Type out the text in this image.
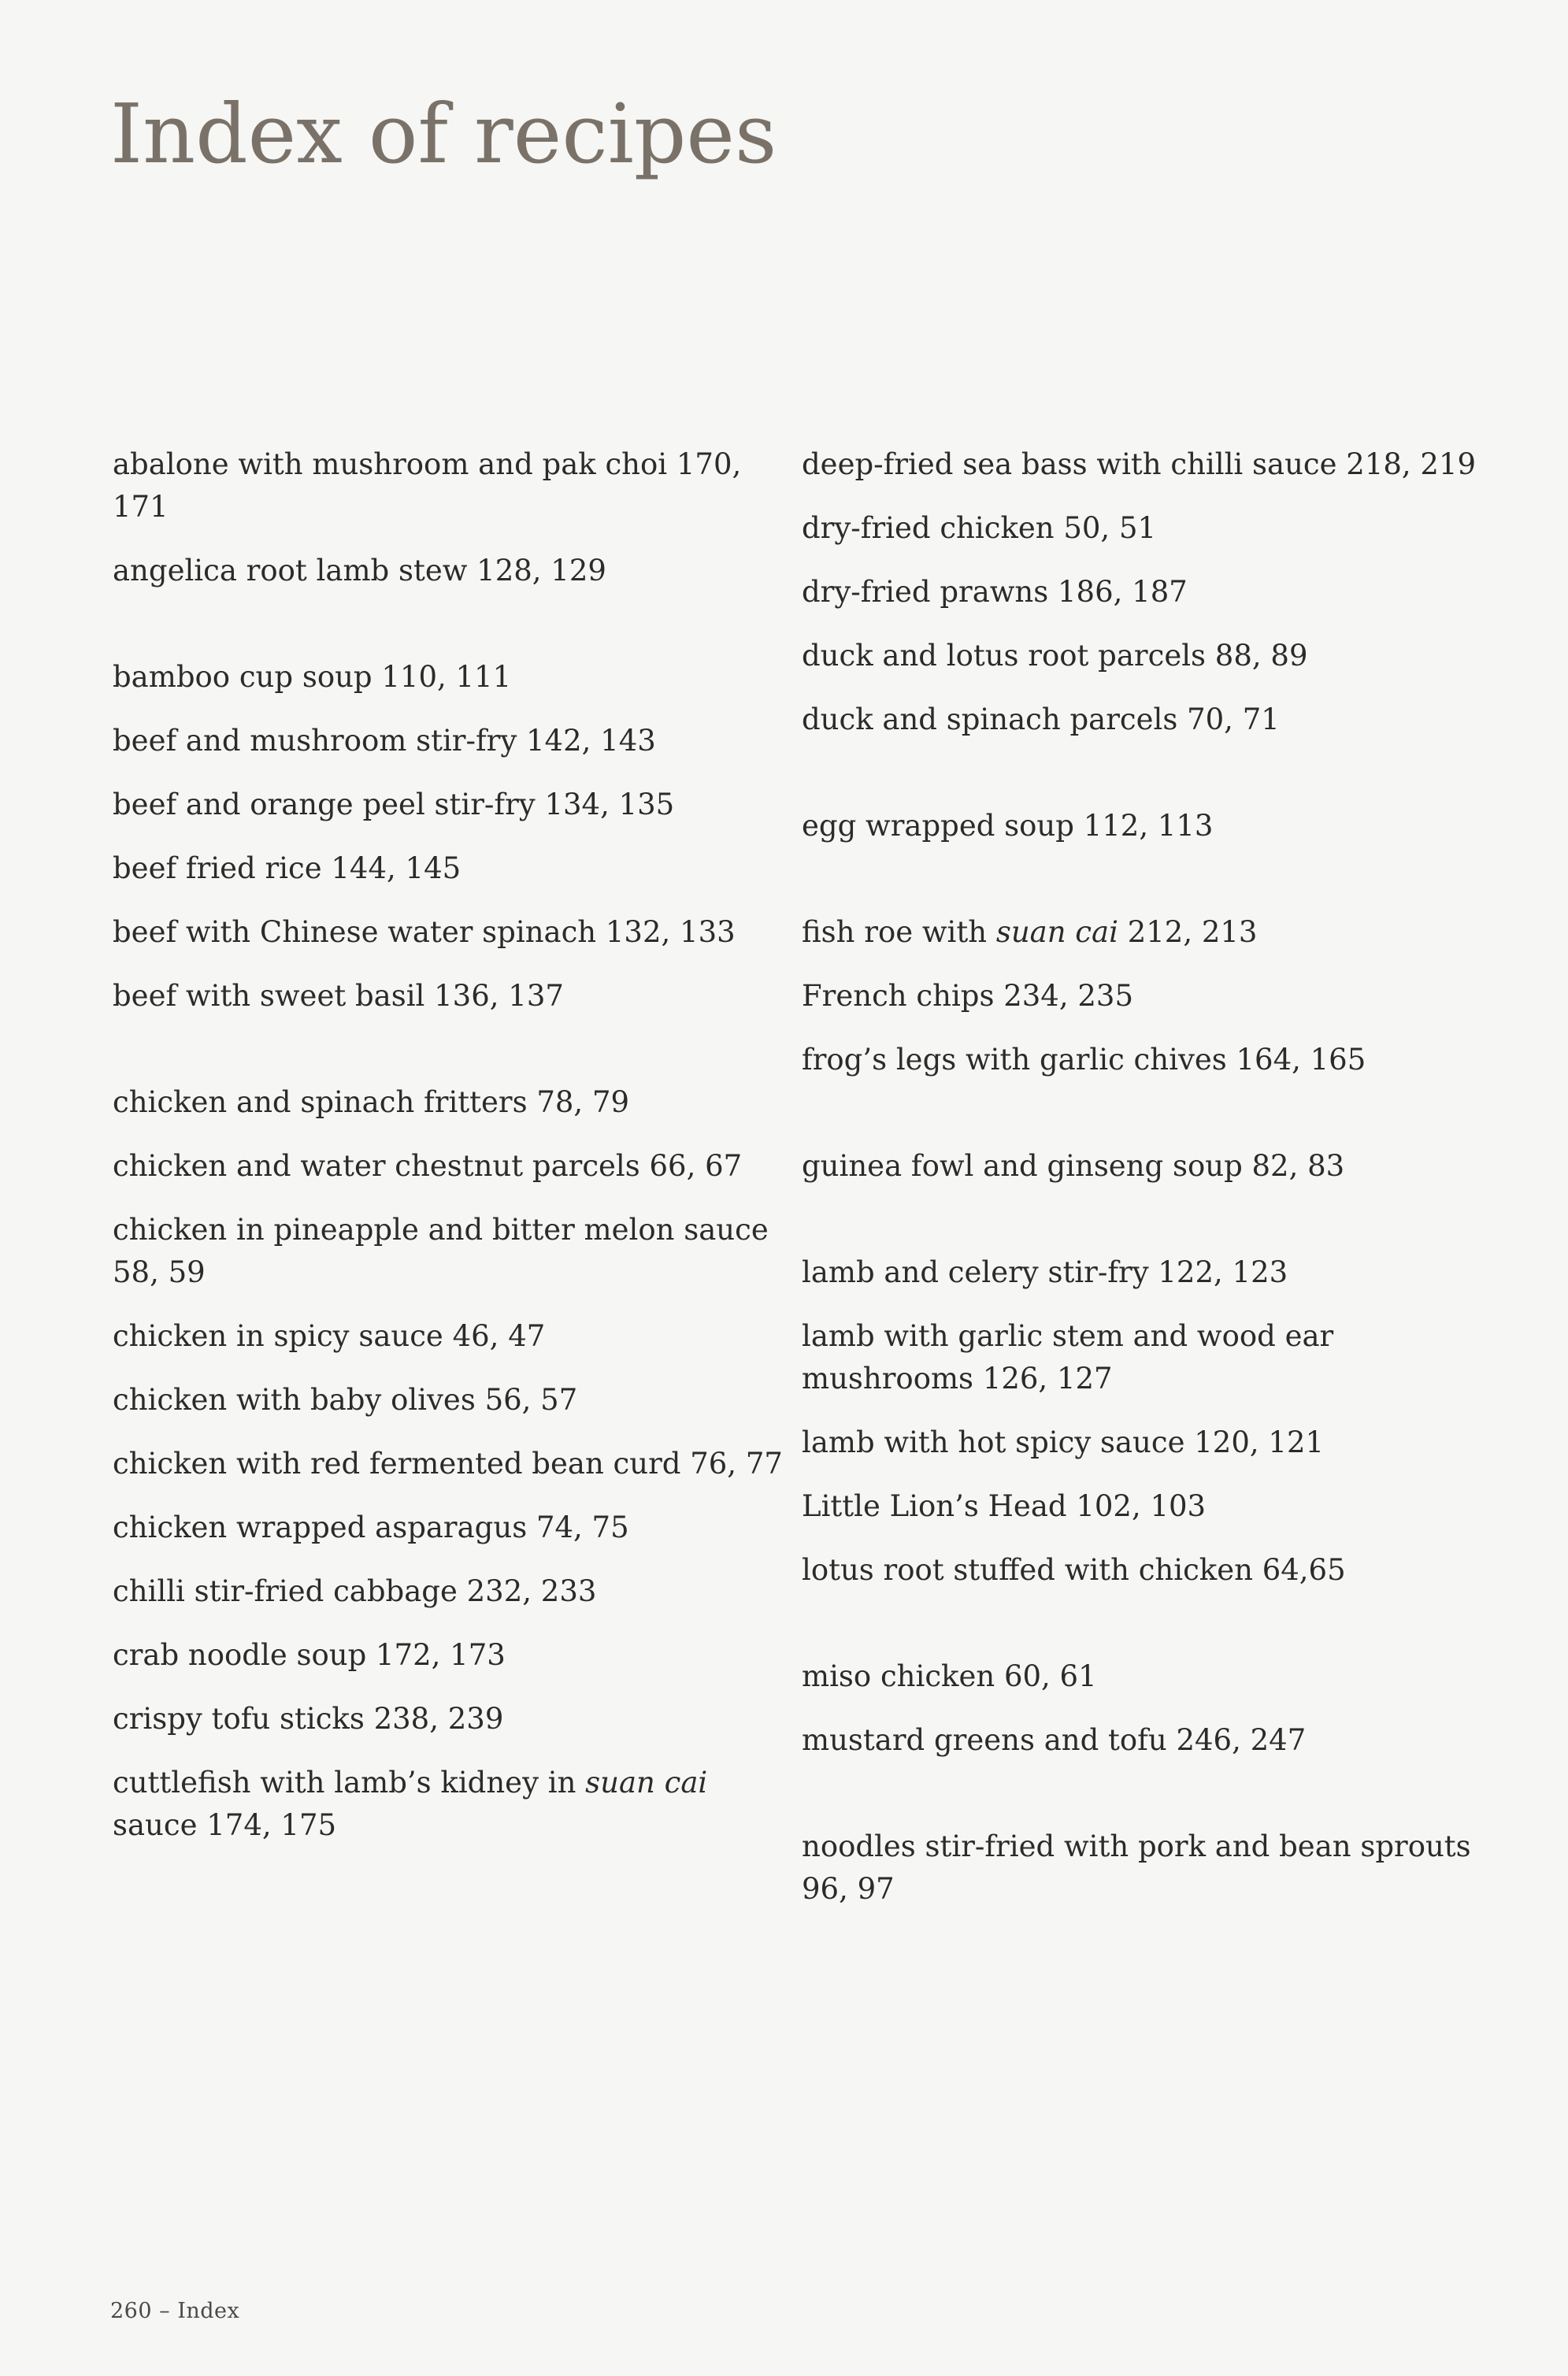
Index of recipes
abalone with mushroom and pak choi 170, 171
angelica root lamb stew 128, 129
bamboo cup soup 110, 111
beef and mushroom stir-fry 142, 143
beef and orange peel stir-fry 134, 135
beef fried rice 144, 145
beef with Chinese water spinach 132, 133
beef with sweet basil 136, 137
chicken and spinach fritters 78, 79
chicken and water chestnut parcels 66, 67
chicken in pineapple and bitter melon sauce 58, 59
chicken in spicy sauce 46, 47
chicken with baby olives 56, 57
chicken with red fermented bean curd 76, 77
chicken wrapped asparagus 74, 75
chilli stir-fried cabbage 232, 233
crab noodle soup 172, 173
crispy tofu sticks 238, 239
cuttlefish with lamb’s kidney in suan cai sauce 174, 175
deep-fried sea bass with chilli sauce 218, 219
dry-fried chicken 50, 51
dry-fried prawns 186, 187
duck and lotus root parcels 88, 89
duck and spinach parcels 70, 71
egg wrapped soup 112, 113
fish roe with suan cai 212, 213
French chips 234, 235
frog’s legs with garlic chives 164, 165
guinea fowl and ginseng soup 82, 83
lamb and celery stir-fry 122, 123
lamb with garlic stem and wood ear mushrooms 126, 127
lamb with hot spicy sauce 120, 121
Little Lion’s Head 102, 103
lotus root stuffed with chicken 64,65
miso chicken 60, 61
mustard greens and tofu 246, 247
noodles stir-fried with pork and bean sprouts 96, 97
260 – Index
